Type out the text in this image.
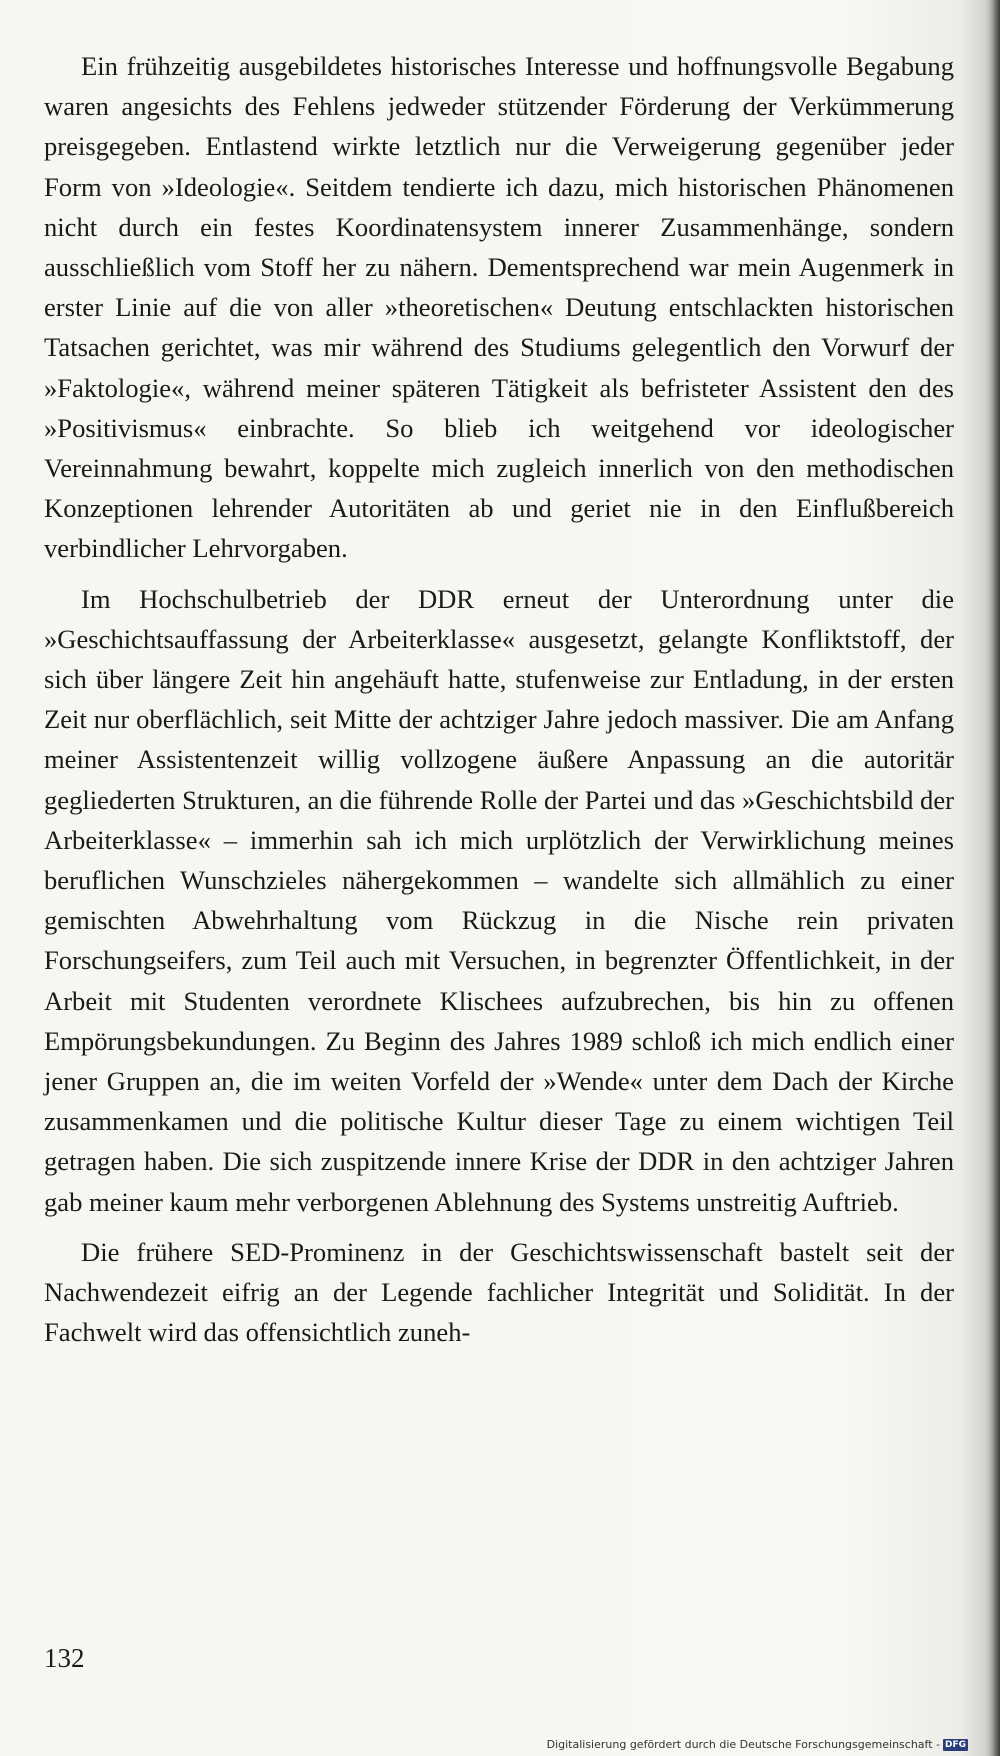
Ein frühzeitig ausgebildetes historisches Interesse und hoffnungsvolle Begabung waren angesichts des Fehlens jedweder stützender Förderung der Verkümmerung preisgegeben. Entlastend wirkte letztlich nur die Verweigerung gegenüber jeder Form von »Ideologie«. Seitdem tendierte ich dazu, mich historischen Phänomenen nicht durch ein festes Koordinatensystem innerer Zusammenhänge, sondern ausschließlich vom Stoff her zu nähern. Dementsprechend war mein Augenmerk in erster Linie auf die von aller »theoretischen« Deutung entschlackten historischen Tatsachen gerichtet, was mir während des Studiums gelegentlich den Vorwurf der »Faktologie«, während meiner späteren Tätigkeit als befristeter Assistent den des »Positivismus« einbrachte. So blieb ich weitgehend vor ideologischer Vereinnahmung bewahrt, koppelte mich zugleich innerlich von den methodischen Konzeptionen lehrender Autoritäten ab und geriet nie in den Einflußbereich verbindlicher Lehrvorgaben.

Im Hochschulbetrieb der DDR erneut der Unterordnung unter die »Geschichtsauffassung der Arbeiterklasse« ausgesetzt, gelangte Konfliktstoff, der sich über längere Zeit hin angehäuft hatte, stufenweise zur Entladung, in der ersten Zeit nur oberflächlich, seit Mitte der achtziger Jahre jedoch massiver. Die am Anfang meiner Assistentenzeit willig vollzogene äußere Anpassung an die autoritär gegliederten Strukturen, an die führende Rolle der Partei und das »Geschichtsbild der Arbeiterklasse« – immerhin sah ich mich urplötzlich der Verwirklichung meines beruflichen Wunschzieles nähergekommen – wandelte sich allmählich zu einer gemischten Abwehrhaltung vom Rückzug in die Nische rein privaten Forschungseifers, zum Teil auch mit Versuchen, in begrenzter Öffentlichkeit, in der Arbeit mit Studenten verordnete Klischees aufzubrechen, bis hin zu offenen Empörungsbekundungen. Zu Beginn des Jahres 1989 schloß ich mich endlich einer jener Gruppen an, die im weiten Vorfeld der »Wende« unter dem Dach der Kirche zusammenkamen und die politische Kultur dieser Tage zu einem wichtigen Teil getragen haben. Die sich zuspitzende innere Krise der DDR in den achtziger Jahren gab meiner kaum mehr verborgenen Ablehnung des Systems unstreitig Auftrieb.

Die frühere SED-Prominenz in der Geschichtswissenschaft bastelt seit der Nachwendezeit eifrig an der Legende fachlicher Integrität und Solidität. In der Fachwelt wird das offensichtlich zuneh-

132
Digitalisierung gefördert durch die Deutsche Forschungsgemeinschaft - DFG
